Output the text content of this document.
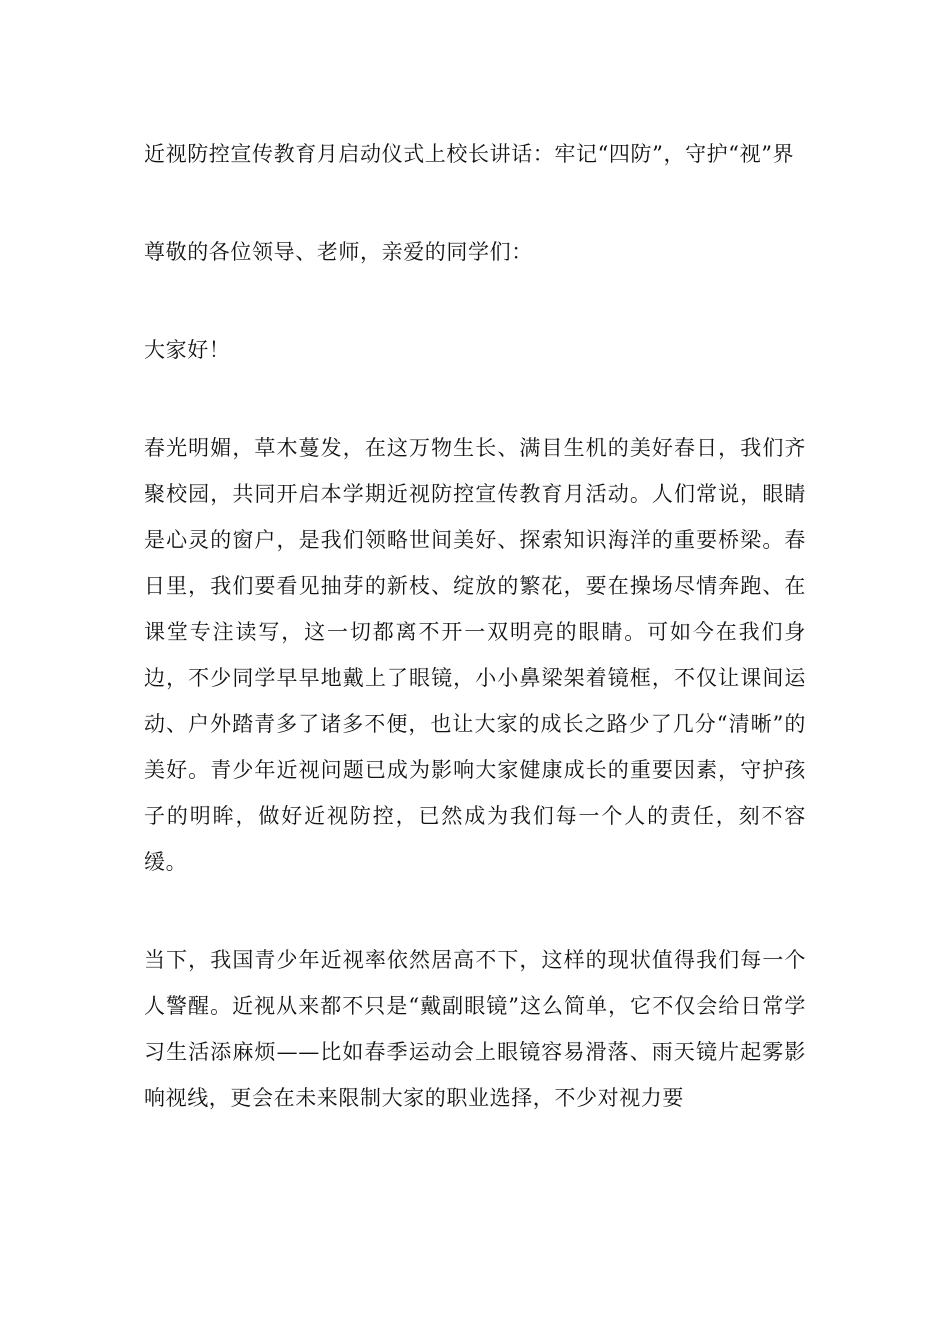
近视防控宣传教育月启动仪式上校长讲话：牢记“四防”，守护“视”界

尊敬的各位领导、老师，亲爱的同学们：

大家好！

春光明媚，草木蔓发，在这万物生长、满目生机的美好春日，我们齐聚校园，共同开启本学期近视防控宣传教育月活动。人们常说，眼睛是心灵的窗户，是我们领略世间美好、探索知识海洋的重要桥梁。春日里，我们要看见抽芽的新枝、绽放的繁花，要在操场尽情奔跑、在课堂专注读写，这一切都离不开一双明亮的眼睛。可如今在我们身边，不少同学早早地戴上了眼镜，小小鼻梁架着镜框，不仅让课间运动、户外踏青多了诸多不便，也让大家的成长之路少了几分“清晰”的美好。青少年近视问题已成为影响大家健康成长的重要因素，守护孩子的明眸，做好近视防控，已然成为我们每一个人的责任，刻不容缓。

当下，我国青少年近视率依然居高不下，这样的现状值得我们每一个人警醒。近视从来都不只是“戴副眼镜”这么简单，它不仅会给日常学习生活添麻烦——比如春季运动会上眼镜容易滑落、雨天镜片起雾影响视线，更会在未来限制大家的职业选择，不少对视力要
